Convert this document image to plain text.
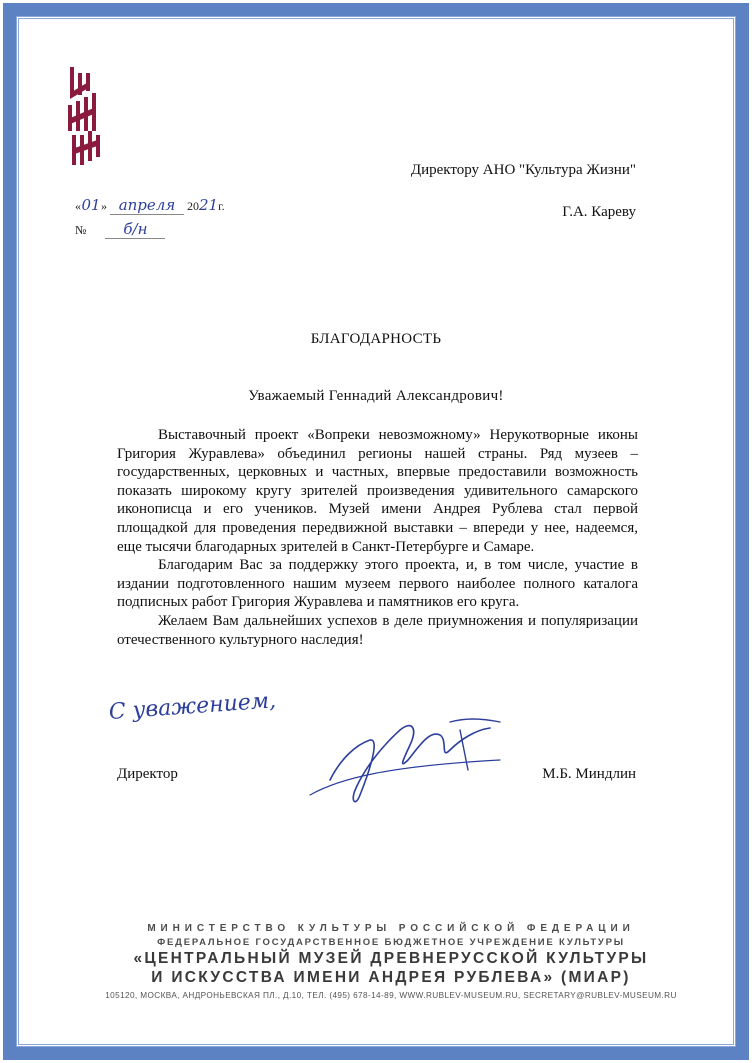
Директору АНО "Культура Жизни"
Г.А. Кареву
«01» апреля 2021г.
№ б/н
БЛАГОДАРНОСТЬ
Уважаемый Геннадий Александрович!

Выставочный проект «Вопреки невозможному» Нерукотворные иконы Григория Журавлева» объединил регионы нашей страны. Ряд музеев – государственных, церковных и частных, впервые предоставили возможность показать широкому кругу зрителей произведения удивительного самарского иконописца и его учеников. Музей имени Андрея Рублева стал первой площадкой для проведения передвижной выставки – впереди у нее, надеемся, еще тысячи благодарных зрителей в Санкт-Петербурге и Самаре.

Благодарим Вас за поддержку этого проекта, и, в том числе, участие в издании подготовленного нашим музеем первого наиболее полного каталога подписных работ Григория Журавлева и памятников его круга.

Желаем Вам дальнейших успехов в деле приумножения и популяризации отечественного культурного наследия!

С уважением,
Директор	М.Б. Миндлин
МИНИСТЕРСТВО КУЛЬТУРЫ РОССИЙСКОЙ ФЕДЕРАЦИИ
ФЕДЕРАЛЬНОЕ ГОСУДАРСТВЕННОЕ БЮДЖЕТНОЕ УЧРЕЖДЕНИЕ КУЛЬТУРЫ
«ЦЕНТРАЛЬНЫЙ МУЗЕЙ ДРЕВНЕРУССКОЙ КУЛЬТУРЫ
И ИСКУССТВА ИМЕНИ АНДРЕЯ РУБЛЕВА» (МИАР)
105120, МОСКВА, АНДРОНЬЕВСКАЯ ПЛ., Д.10, ТЕЛ. (495) 678-14-89, WWW.RUBLEV-MUSEUM.RU, SECRETARY@RUBLEV-MUSEUM.RU
